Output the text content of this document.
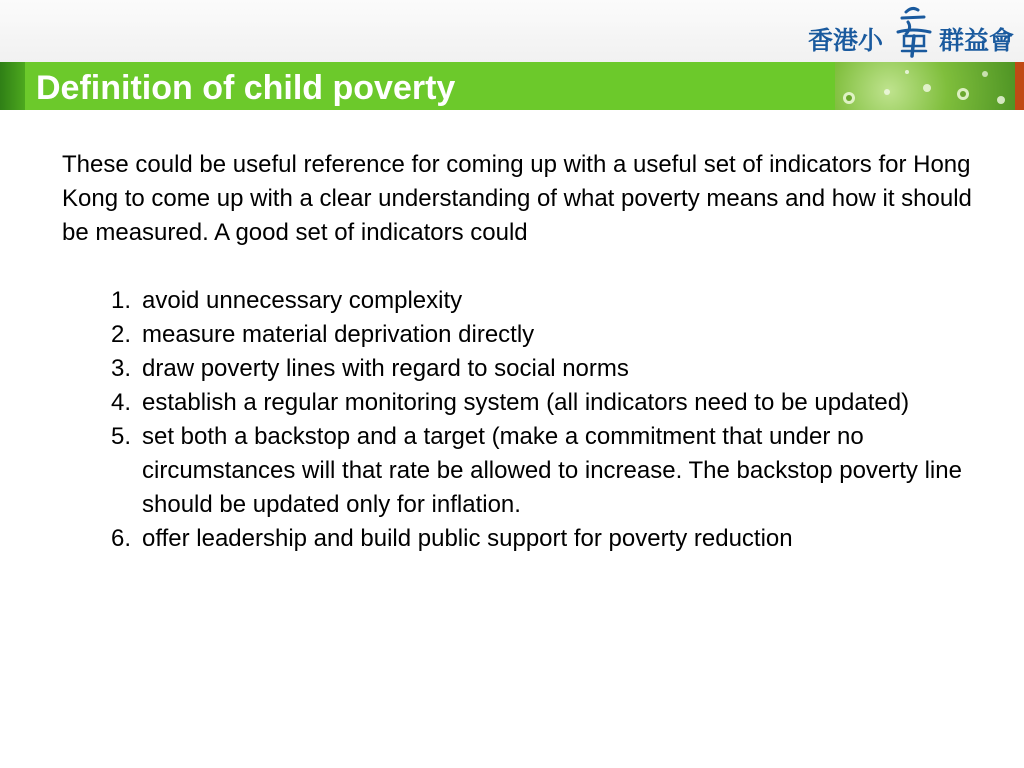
香港小 群益會
Definition of child poverty

These could be useful reference for coming up with a useful set of indicators for Hong Kong to come up with a clear understanding of what poverty means and how it should be measured. A good set of indicators could

1. avoid unnecessary complexity
2. measure material deprivation directly
3. draw poverty lines with regard to social norms
4. establish a regular monitoring system (all indicators need to be updated)
5. set both a backstop and a target (make a commitment that under no circumstances will that rate be allowed to increase. The backstop poverty line should be updated only for inflation.
6. offer leadership and build public support for poverty reduction
